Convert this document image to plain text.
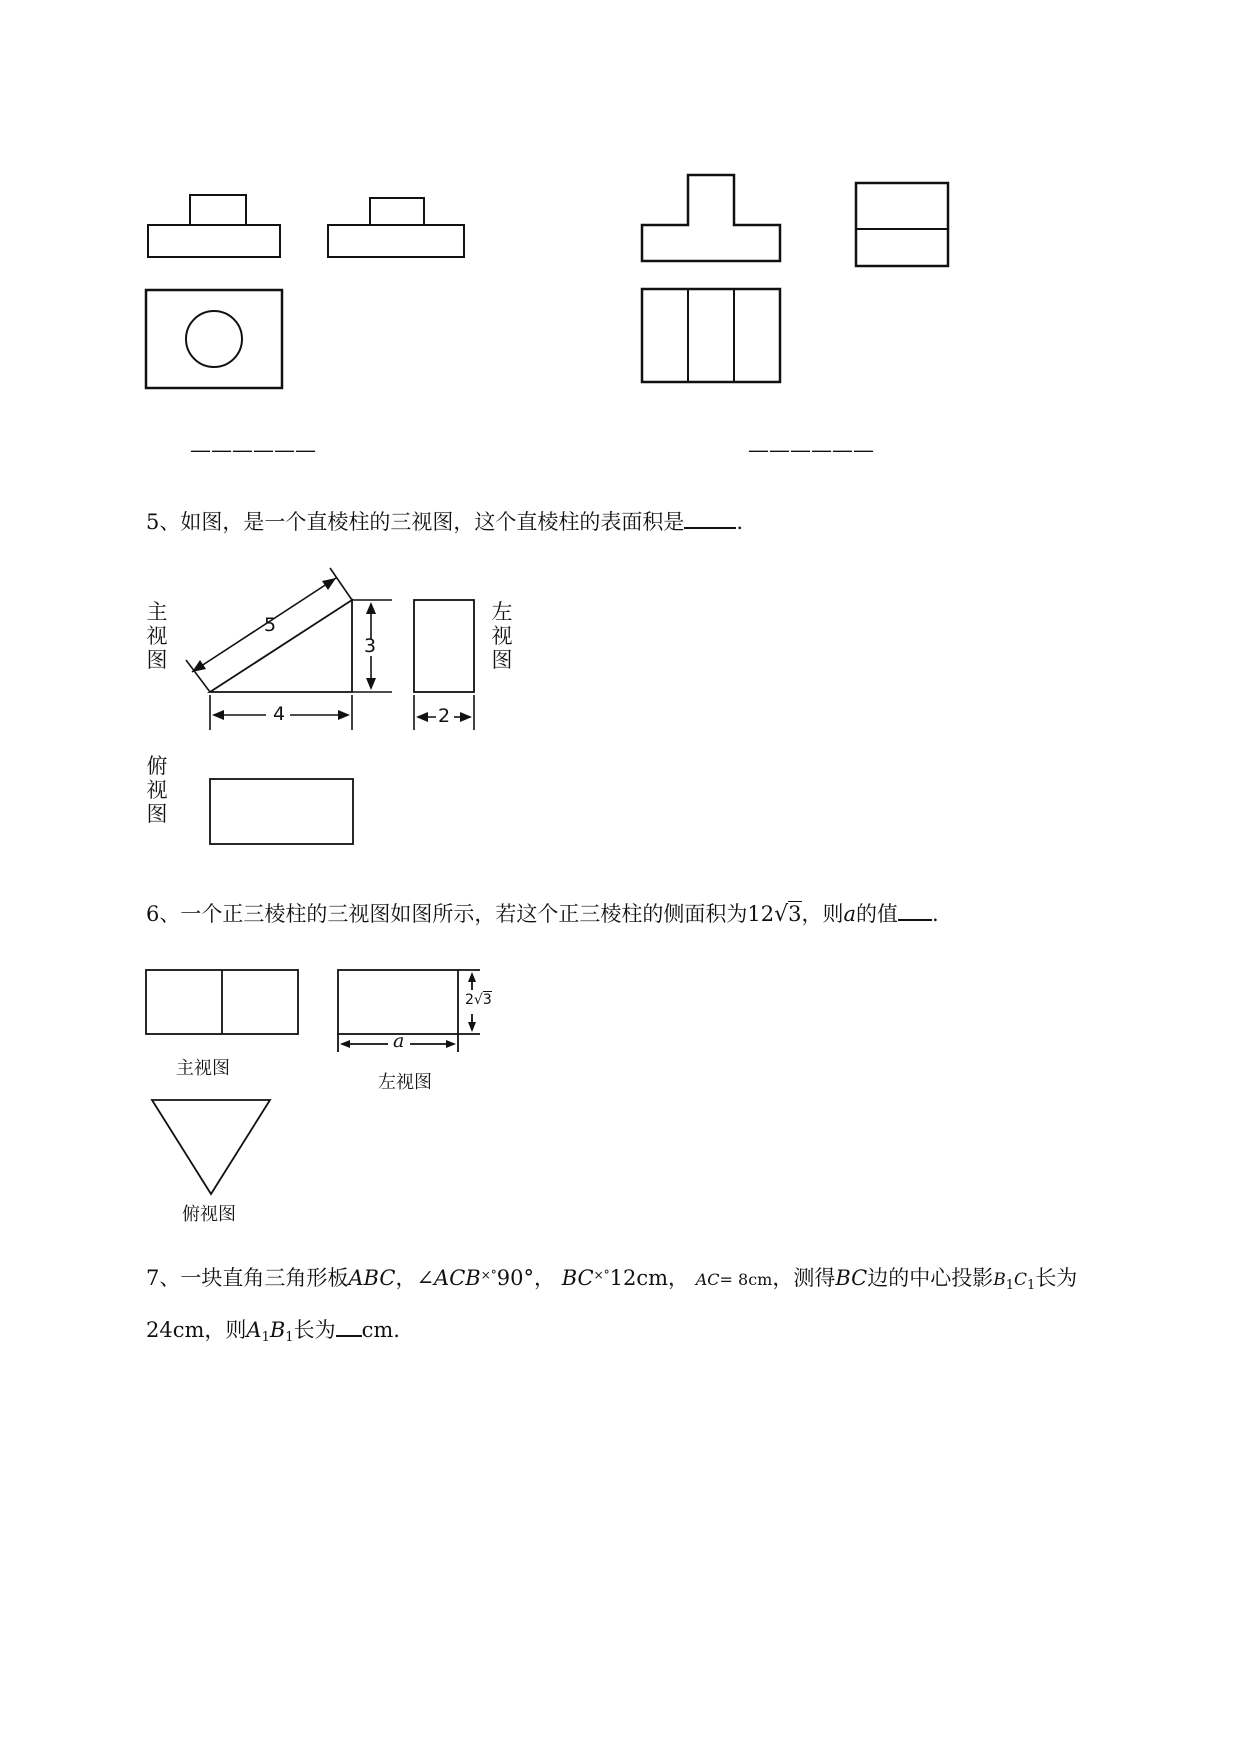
——————	——————
5、如图，是一个直棱柱的三视图，这个直棱柱的表面积是 .
5
3
4	2
主视图
左视图
俯视图
6、一个正三棱柱的三视图如图所示，若这个正三棱柱的侧面积为12√3，则a的值 .
2√3
a
主视图
左视图
俯视图
7、一块直角三角形板ABC，∠ACB×°90°， BC×°12cm， AC= 8cm，测得BC边的中心投影$B_1C_1$长为
24cm，则$A_1B_1$长为 cm.
